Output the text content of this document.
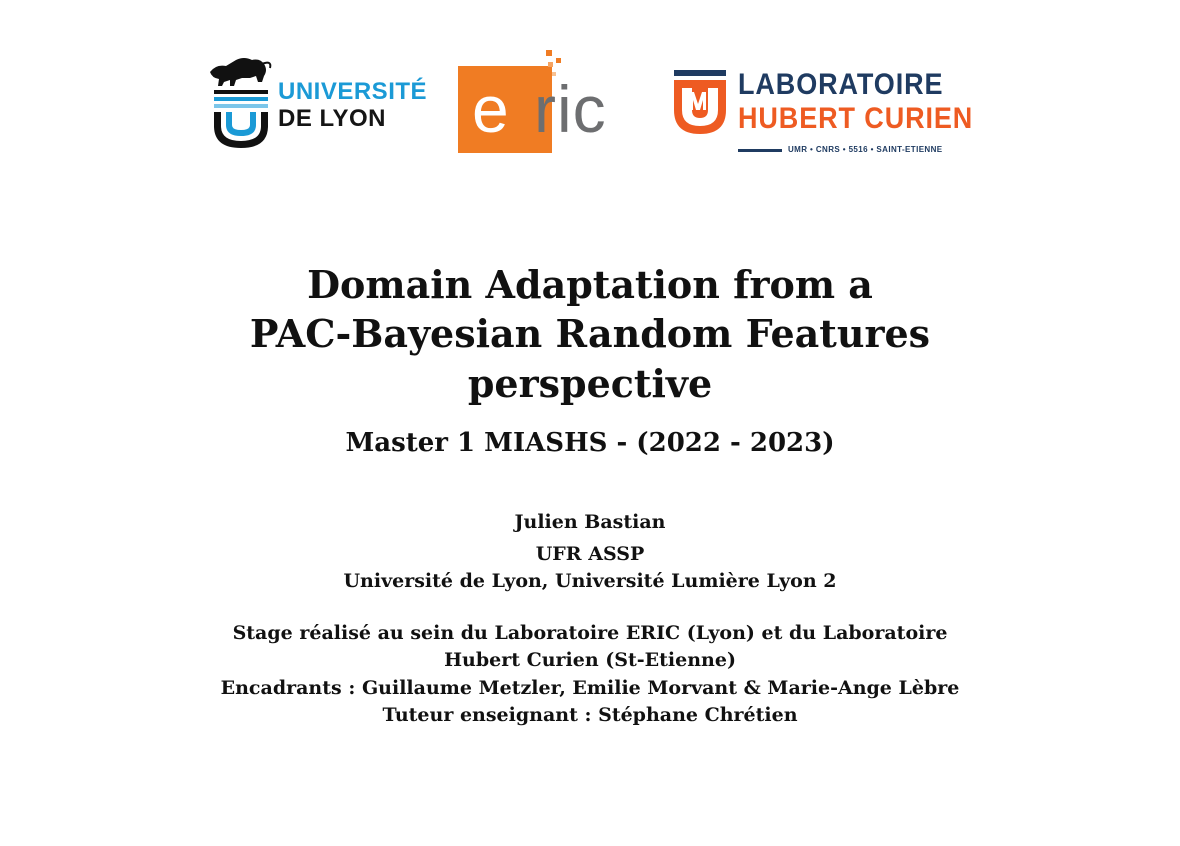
UNIVERSITÉ
DE LYON e ric	LABORATOIRE
HUBERT CURIEN
UMR • CNRS • 5516 • SAINT-ETIENNE
Domain Adaptation from a
PAC-Bayesian Random Features
perspective
Master 1 MIASHS - (2022 - 2023)
Julien Bastian
UFR ASSP
Université de Lyon, Université Lumière Lyon 2
Stage réalisé au sein du Laboratoire ERIC (Lyon) et du Laboratoire
Hubert Curien (St-Etienne)
Encadrants : Guillaume Metzler, Emilie Morvant & Marie-Ange Lèbre
Tuteur enseignant : Stéphane Chrétien
